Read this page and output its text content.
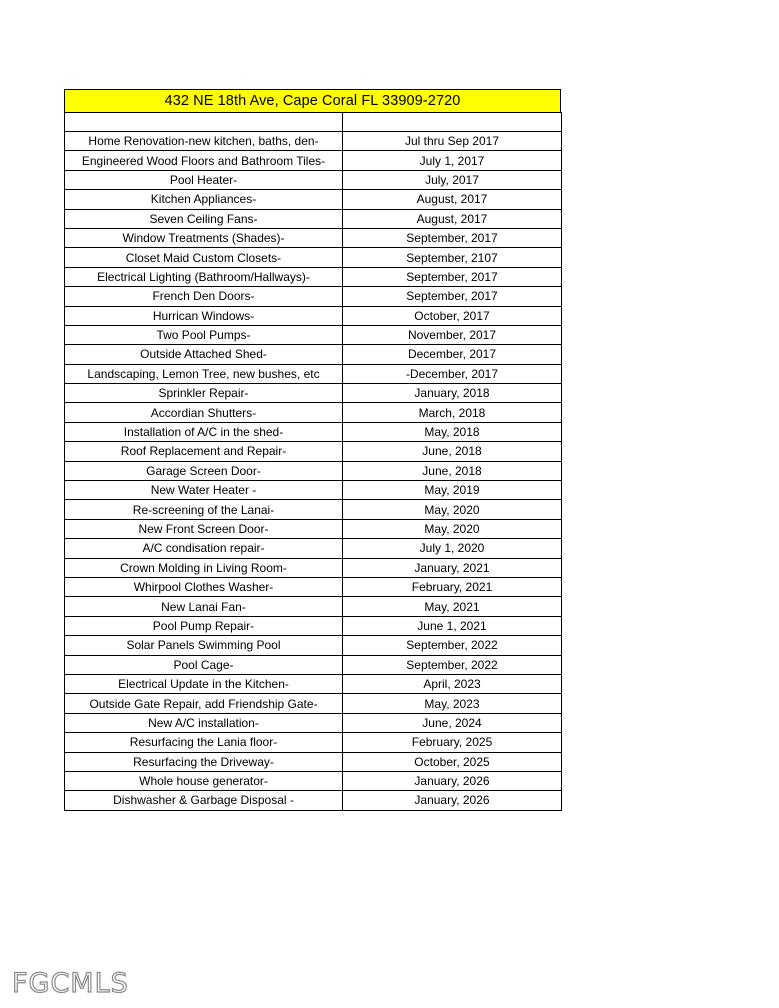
432 NE 18th Ave, Cape Coral FL 33909-2720

Home Renovation-new kitchen, baths, den-	Jul thru Sep 2017
Engineered Wood Floors and Bathroom Tiles-	July 1, 2017
Pool Heater-	July, 2017
Kitchen Appliances-	August, 2017
Seven Ceiling Fans-	August, 2017
Window Treatments (Shades)-	September, 2017
Closet Maid Custom Closets-	September, 2107
Electrical Lighting (Bathroom/Hallways)-	September, 2017
French Den Doors-	September, 2017
Hurrican Windows-	October, 2017
Two Pool Pumps-	November, 2017
Outside Attached Shed-	December, 2017
Landscaping, Lemon Tree, new bushes, etc	-December, 2017
Sprinkler Repair-	January, 2018
Accordian Shutters-	March, 2018
Installation of A/C in the shed-	May, 2018
Roof Replacement and Repair-	June, 2018
Garage Screen Door-	June, 2018
New Water Heater -	May, 2019
Re-screening of the Lanai-	May, 2020
New Front Screen Door-	May, 2020
A/C condisation repair-	July 1, 2020
Crown Molding in Living Room-	January, 2021
Whirpool Clothes Washer-	February, 2021
New Lanai Fan-	May, 2021
Pool Pump Repair-	June 1, 2021
Solar Panels Swimming Pool	September, 2022
Pool Cage-	September, 2022
Electrical Update in the Kitchen-	April, 2023
Outside Gate Repair, add Friendship Gate-	May, 2023
New A/C installation-	June, 2024
Resurfacing the Lania floor-	February, 2025
Resurfacing the Driveway-	October, 2025
Whole house generator-	January, 2026
Dishwasher & Garbage Disposal -	January, 2026
FGCMLS
